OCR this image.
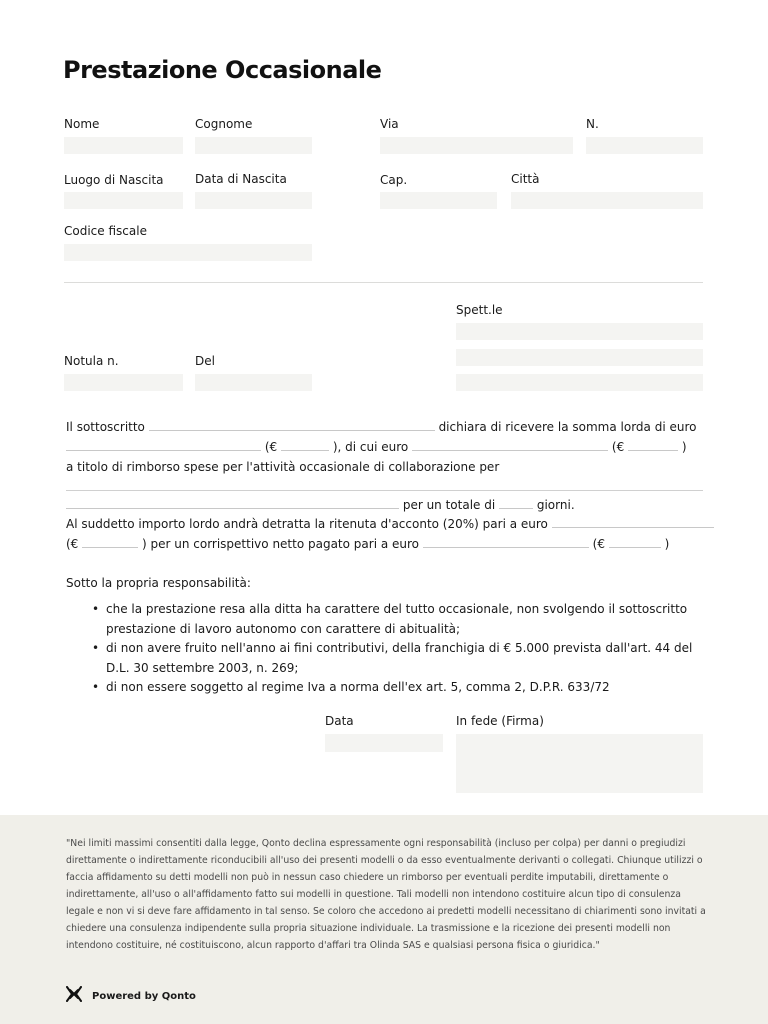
Prestazione Occasionale
Nome	Cognome	Via	N.
Luogo di Nascita	Data di Nascita	Cap.	Città
Codice fiscale
Spett.le
Notula n.	Del
Il sottoscritto	dichiara di ricevere la somma lorda di euro
(€	), di cui euro	(€	)
a titolo di rimborso spese per l'attività occasionale di collaborazione per
per un totale di	giorni.
Al suddetto importo lordo andrà detratta la ritenuta d'acconto (20%) pari a euro
(€	) per un corrispettivo netto pagato pari a euro	(€	)
Sotto la propria responsabilità:
• che la prestazione resa alla ditta ha carattere del tutto occasionale, non svolgendo il sottoscritto prestazione di lavoro autonomo con carattere di abitualità;
• di non avere fruito nell'anno ai fini contributivi, della franchigia di € 5.000 prevista dall'art. 44 del D.L. 30 settembre 2003, n. 269;
• di non essere soggetto al regime Iva a norma dell'ex art. 5, comma 2, D.P.R. 633/72
Data	In fede (Firma)
"Nei limiti massimi consentiti dalla legge, Qonto declina espressamente ogni responsabilità (incluso per colpa) per danni o pregiudizi direttamente o indirettamente riconducibili all'uso dei presenti modelli o da esso eventualmente derivanti o collegati. Chiunque utilizzi o faccia affidamento su detti modelli non può in nessun caso chiedere un rimborso per eventuali perdite imputabili, direttamente o indirettamente, all'uso o all'affidamento fatto sui modelli in questione. Tali modelli non intendono costituire alcun tipo di consulenza legale e non vi si deve fare affidamento in tal senso. Se coloro che accedono ai predetti modelli necessitano di chiarimenti sono invitati a chiedere una consulenza indipendente sulla propria situazione individuale. La trasmissione e la ricezione dei presenti modelli non intendono costituire, né costituiscono, alcun rapporto d'affari tra Olinda SAS e qualsiasi persona fisica o giuridica."
Powered by Qonto
